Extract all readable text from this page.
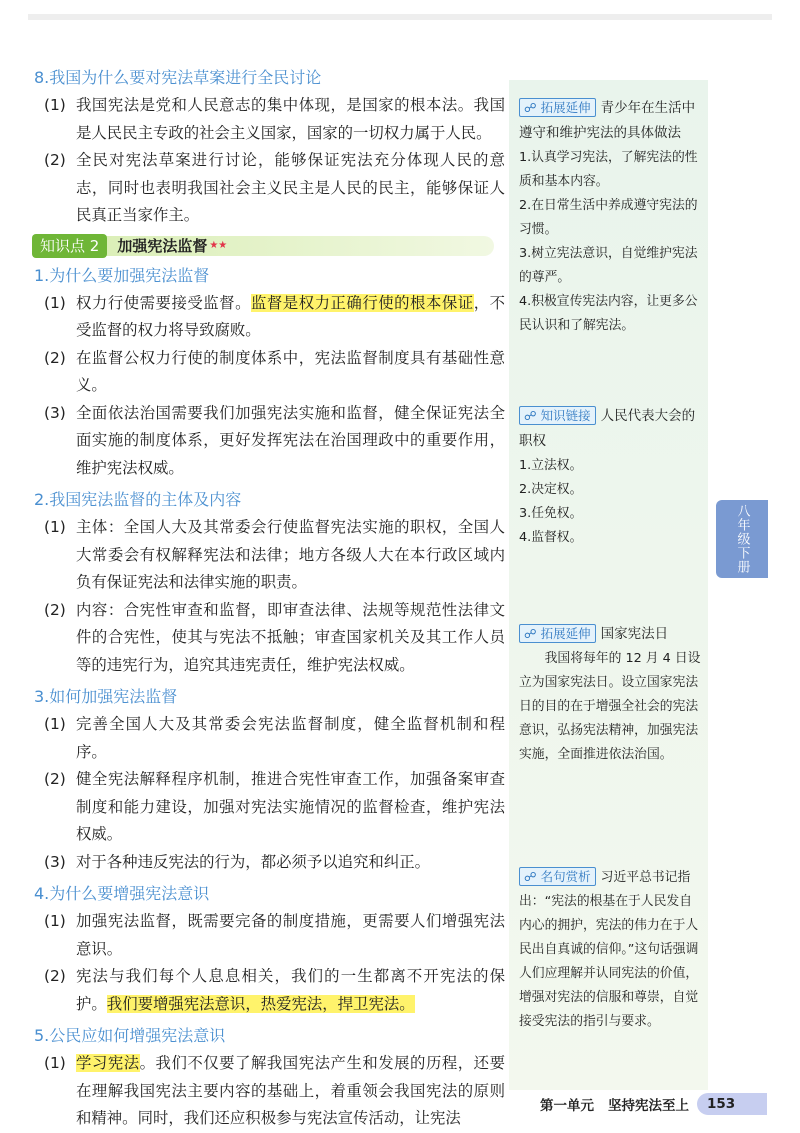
8.我国为什么要对宪法草案进行全民讨论
(1) 我国宪法是党和人民意志的集中体现，是国家的根本法。我国是人民民主专政的社会主义国家，国家的一切权力属于人民。
(2) 全民对宪法草案进行讨论，能够保证宪法充分体现人民的意志，同时也表明我国社会主义民主是人民的民主，能够保证人民真正当家作主。
知识点 2	加强宪法监督 ★★
1.为什么要加强宪法监督
(1) 权力行使需要接受监督。监督是权力正确行使的根本保证，不受监督的权力将导致腐败。
(2) 在监督公权力行使的制度体系中，宪法监督制度具有基础性意义。
(3) 全面依法治国需要我们加强宪法实施和监督，健全保证宪法全面实施的制度体系，更好发挥宪法在治国理政中的重要作用，维护宪法权威。
2.我国宪法监督的主体及内容
(1) 主体：全国人大及其常委会行使监督宪法实施的职权，全国人大常委会有权解释宪法和法律；地方各级人大在本行政区域内负有保证宪法和法律实施的职责。
(2) 内容：合宪性审查和监督，即审查法律、法规等规范性法律文件的合宪性，使其与宪法不抵触；审查国家机关及其工作人员等的违宪行为，追究其违宪责任，维护宪法权威。
3.如何加强宪法监督
(1) 完善全国人大及其常委会宪法监督制度，健全监督机制和程序。
(2) 健全宪法解释程序机制，推进合宪性审查工作，加强备案审查制度和能力建设，加强对宪法实施情况的监督检查，维护宪法权威。
(3) 对于各种违反宪法的行为，都必须予以追究和纠正。
4.为什么要增强宪法意识
(1) 加强宪法监督，既需要完备的制度措施，更需要人们增强宪法意识。
(2) 宪法与我们每个人息息相关，我们的一生都离不开宪法的保护。我们要增强宪法意识，热爱宪法，捍卫宪法。
5.公民应如何增强宪法意识
(1) 学习宪法。我们不仅要了解我国宪法产生和发展的历程，还要在理解我国宪法主要内容的基础上，着重领会我国宪法的原则和精神。同时，我们还应积极参与宪法宣传活动，让宪法

☍ 拓展延伸 青少年在生活中遵守和维护宪法的具体做法

1.认真学习宪法，了解宪法的性质和基本内容。

2.在日常生活中养成遵守宪法的习惯。

3.树立宪法意识，自觉维护宪法的尊严。

4.积极宣传宪法内容，让更多公民认识和了解宪法。

☍ 知识链接 人民代表大会的职权

1.立法权。

2.决定权。

3.任免权。

4.监督权。

☍ 拓展延伸 国家宪法日

我国将每年的 12 月 4 日设立为国家宪法日。设立国家宪法日的目的在于增强全社会的宪法意识，弘扬宪法精神，加强宪法实施，全面推进依法治国。

☍ 名句赏析 习近平总书记指出：“宪法的根基在于人民发自内心的拥护，宪法的伟力在于人民出自真诚的信仰。”这句话强调人们应理解并认同宪法的价值，增强对宪法的信服和尊崇，自觉接受宪法的指引与要求。

八年级下册
第一单元 坚持宪法至上	153
